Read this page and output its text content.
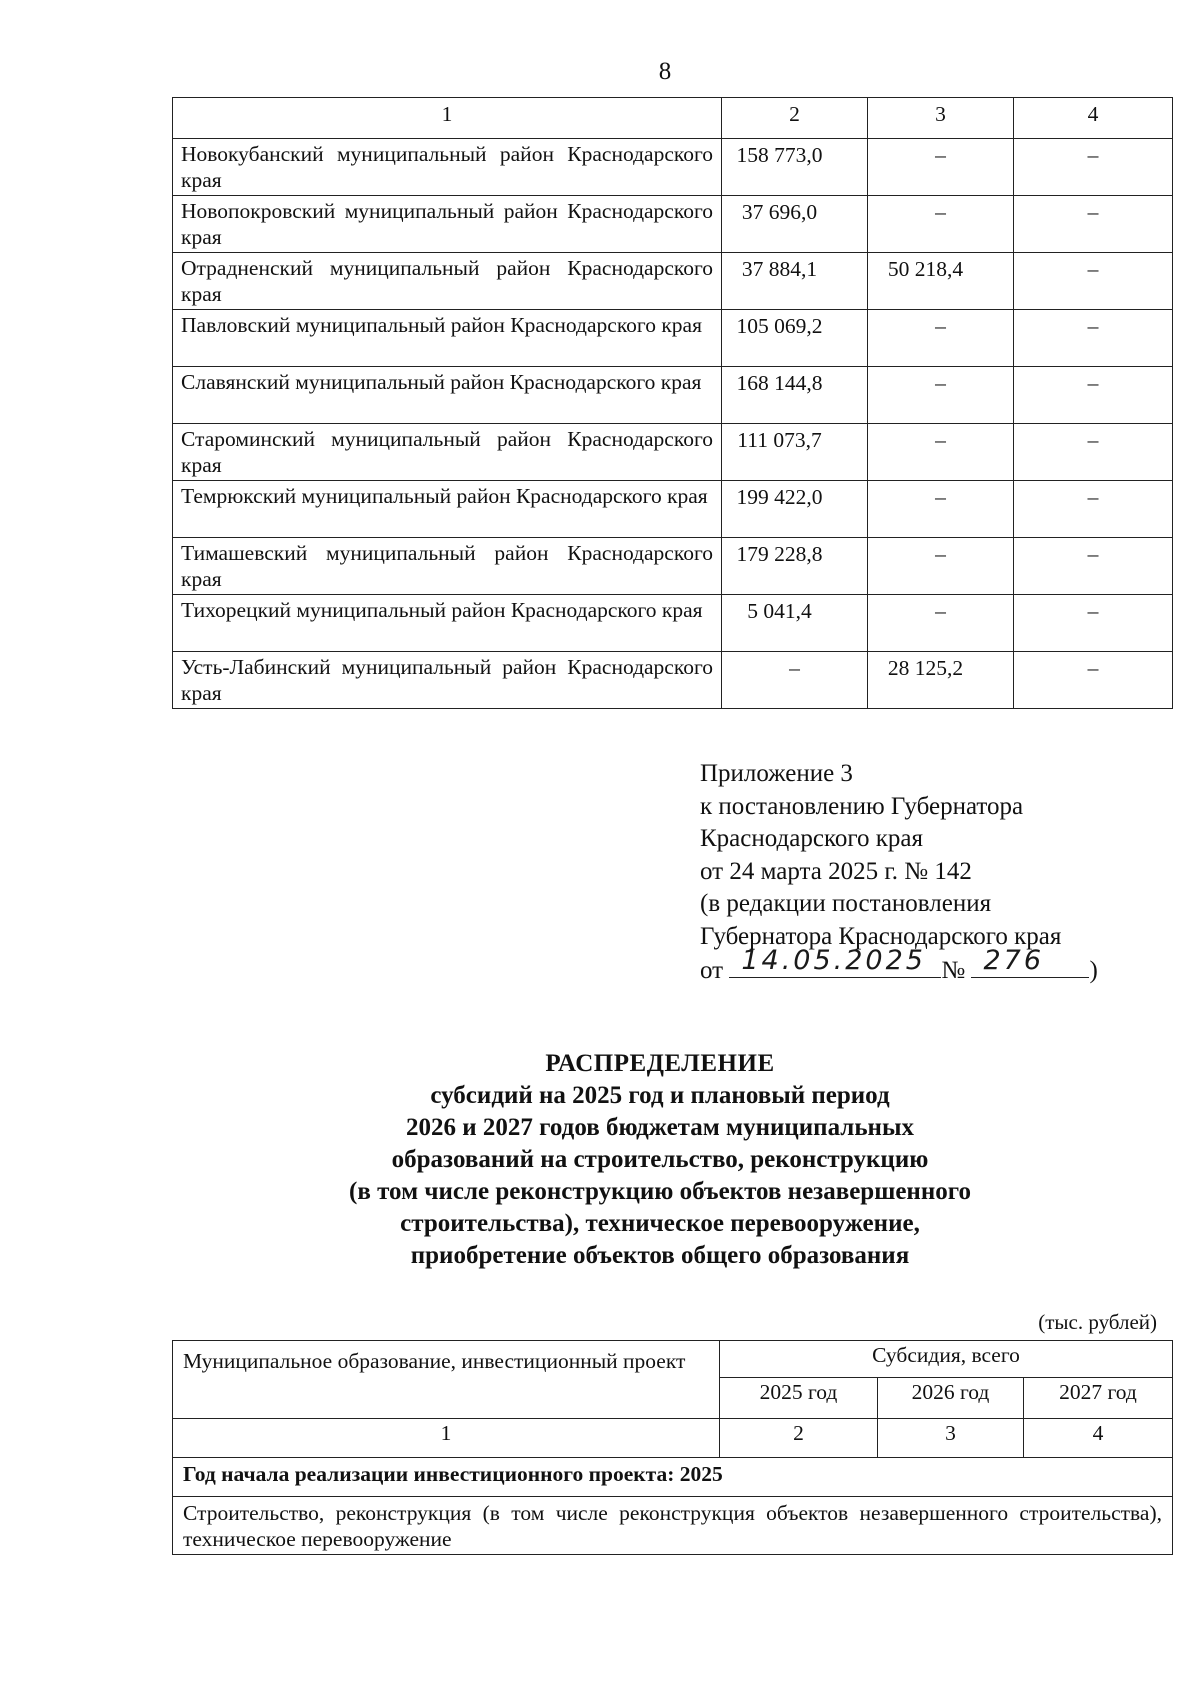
8
1	2	3	4
Новокубанский муниципальный район Краснодарского края	158 773,0	–	–
Новопокровский муниципальный район Краснодарского края	37 696,0	–	–
Отрадненский муниципальный район Краснодарского края	37 884,1	50 218,4	–
Павловский муниципальный район Краснодарского края	105 069,2	–	–
Славянский муниципальный район Краснодарского края	168 144,8	–	–
Староминский муниципальный район Краснодарского края	111 073,7	–	–
Темрюкский муниципальный район Краснодарского края	199 422,0	–	–
Тимашевский муниципальный район Краснодарского края	179 228,8	–	–
Тихорецкий муниципальный район Краснодарского края	5 041,4	–	–
Усть-Лабинский муниципальный район Краснодарского края	–	28 125,2	–
Приложение 3
к постановлению Губернатора
Краснодарского края
от 24 марта 2025 г. № 142
(в редакции постановления
Губернатора Краснодарского края
от 14.05.2025 № 276 )
РАСПРЕДЕЛЕНИЕ
субсидий на 2025 год и плановый период
2026 и 2027 годов бюджетам муниципальных
образований на строительство, реконструкцию
(в том числе реконструкцию объектов незавершенного
строительства), техническое перевооружение,
приобретение объектов общего образования
(тыс. рублей)
Муниципальное образование, инвестиционный проект	Субсидия, всего		
	2025 год	2026 год	2027 год
1	2	3	4
Год начала реализации инвестиционного проекта: 2025			
Строительство, реконструкция (в том числе реконструкция объектов незавершенного строительства), техническое перевооружение			
